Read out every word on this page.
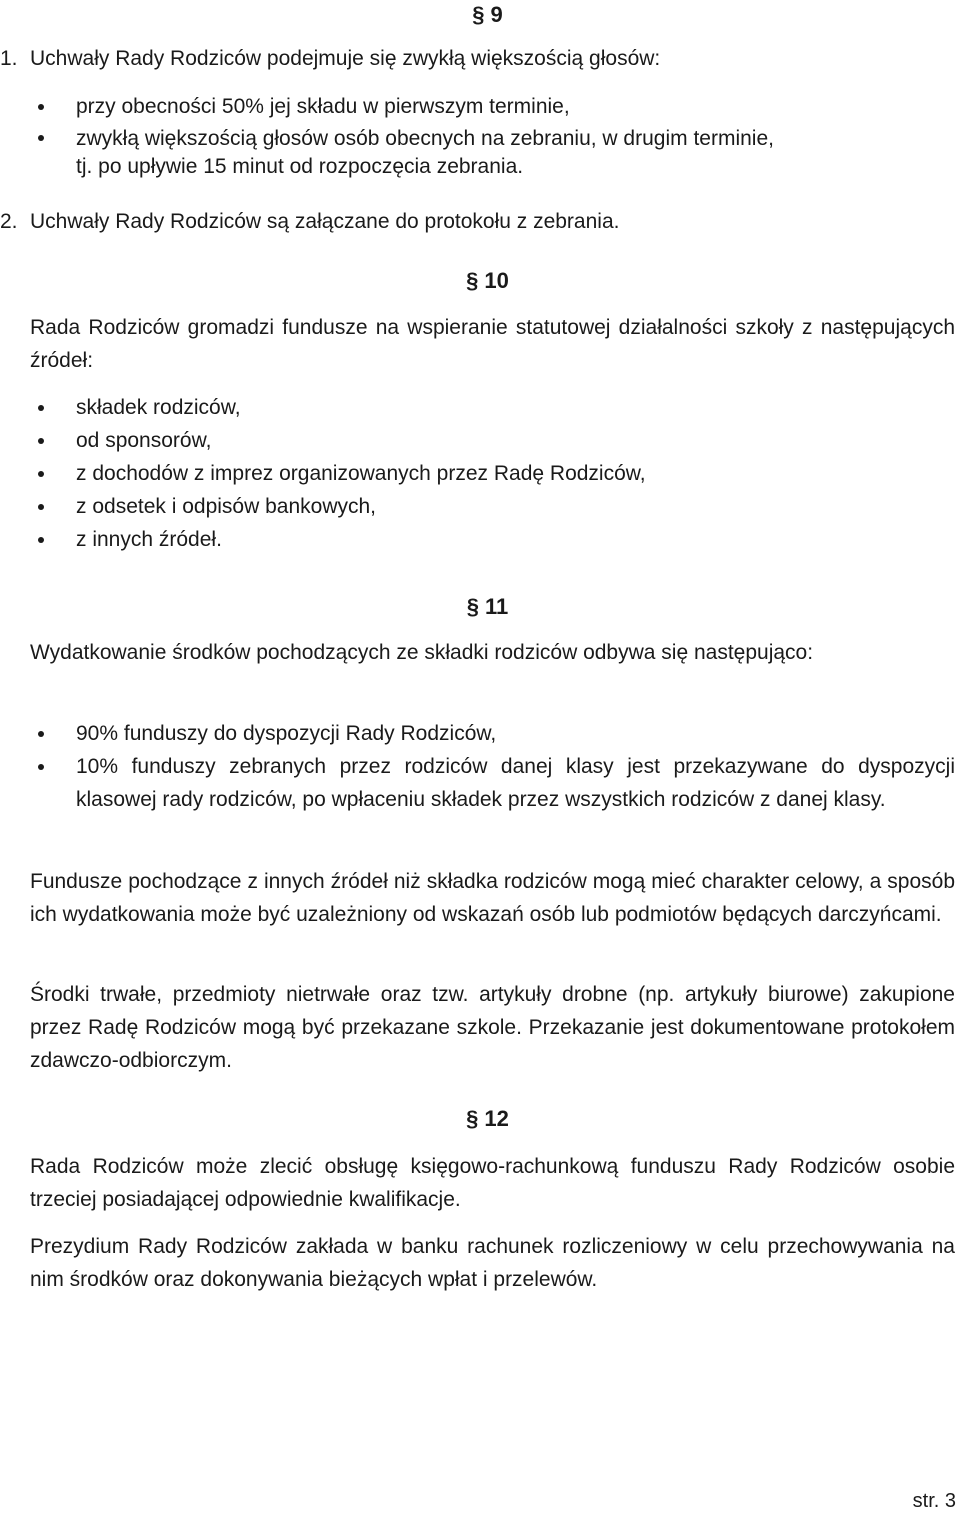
§ 9

1. Uchwały Rady Rodziców podejmuje się zwykłą większością głosów:

przy obecności 50% jej składu w pierwszym terminie,
zwykłą większością głosów osób obecnych na zebraniu, w drugim terminie, tj. po upływie 15 minut od rozpoczęcia zebrania.

2. Uchwały Rady Rodziców są załączane do protokołu z zebrania.

§ 10

Rada Rodziców gromadzi fundusze na wspieranie statutowej działalności szkoły z następujących źródeł:

składek rodziców,
od sponsorów,
z dochodów z imprez organizowanych przez Radę Rodziców,
z odsetek i odpisów bankowych,
z innych źródeł.
§ 11

Wydatkowanie środków pochodzących ze składki rodziców odbywa się następująco:

90% funduszy do dyspozycji Rady Rodziców,
10% funduszy zebranych przez rodziców danej klasy jest przekazywane do dyspozycji klasowej rady rodziców, po wpłaceniu składek przez wszystkich rodziców z danej klasy.

Fundusze pochodzące z innych źródeł niż składka rodziców mogą mieć charakter celowy, a sposób ich wydatkowania może być uzależniony od wskazań osób lub podmiotów będących darczyńcami.

Środki trwałe, przedmioty nietrwałe oraz tzw. artykuły drobne (np. artykuły biurowe) zakupione przez Radę Rodziców mogą być przekazane szkole. Przekazanie jest dokumentowane protokołem zdawczo-odbiorczym.

§ 12

Rada Rodziców może zlecić obsługę księgowo-rachunkową funduszu Rady Rodziców osobie trzeciej posiadającej odpowiednie kwalifikacje.

Prezydium Rady Rodziców zakłada w banku rachunek rozliczeniowy w celu przechowywania na nim środków oraz dokonywania bieżących wpłat i przelewów.

str. 3
